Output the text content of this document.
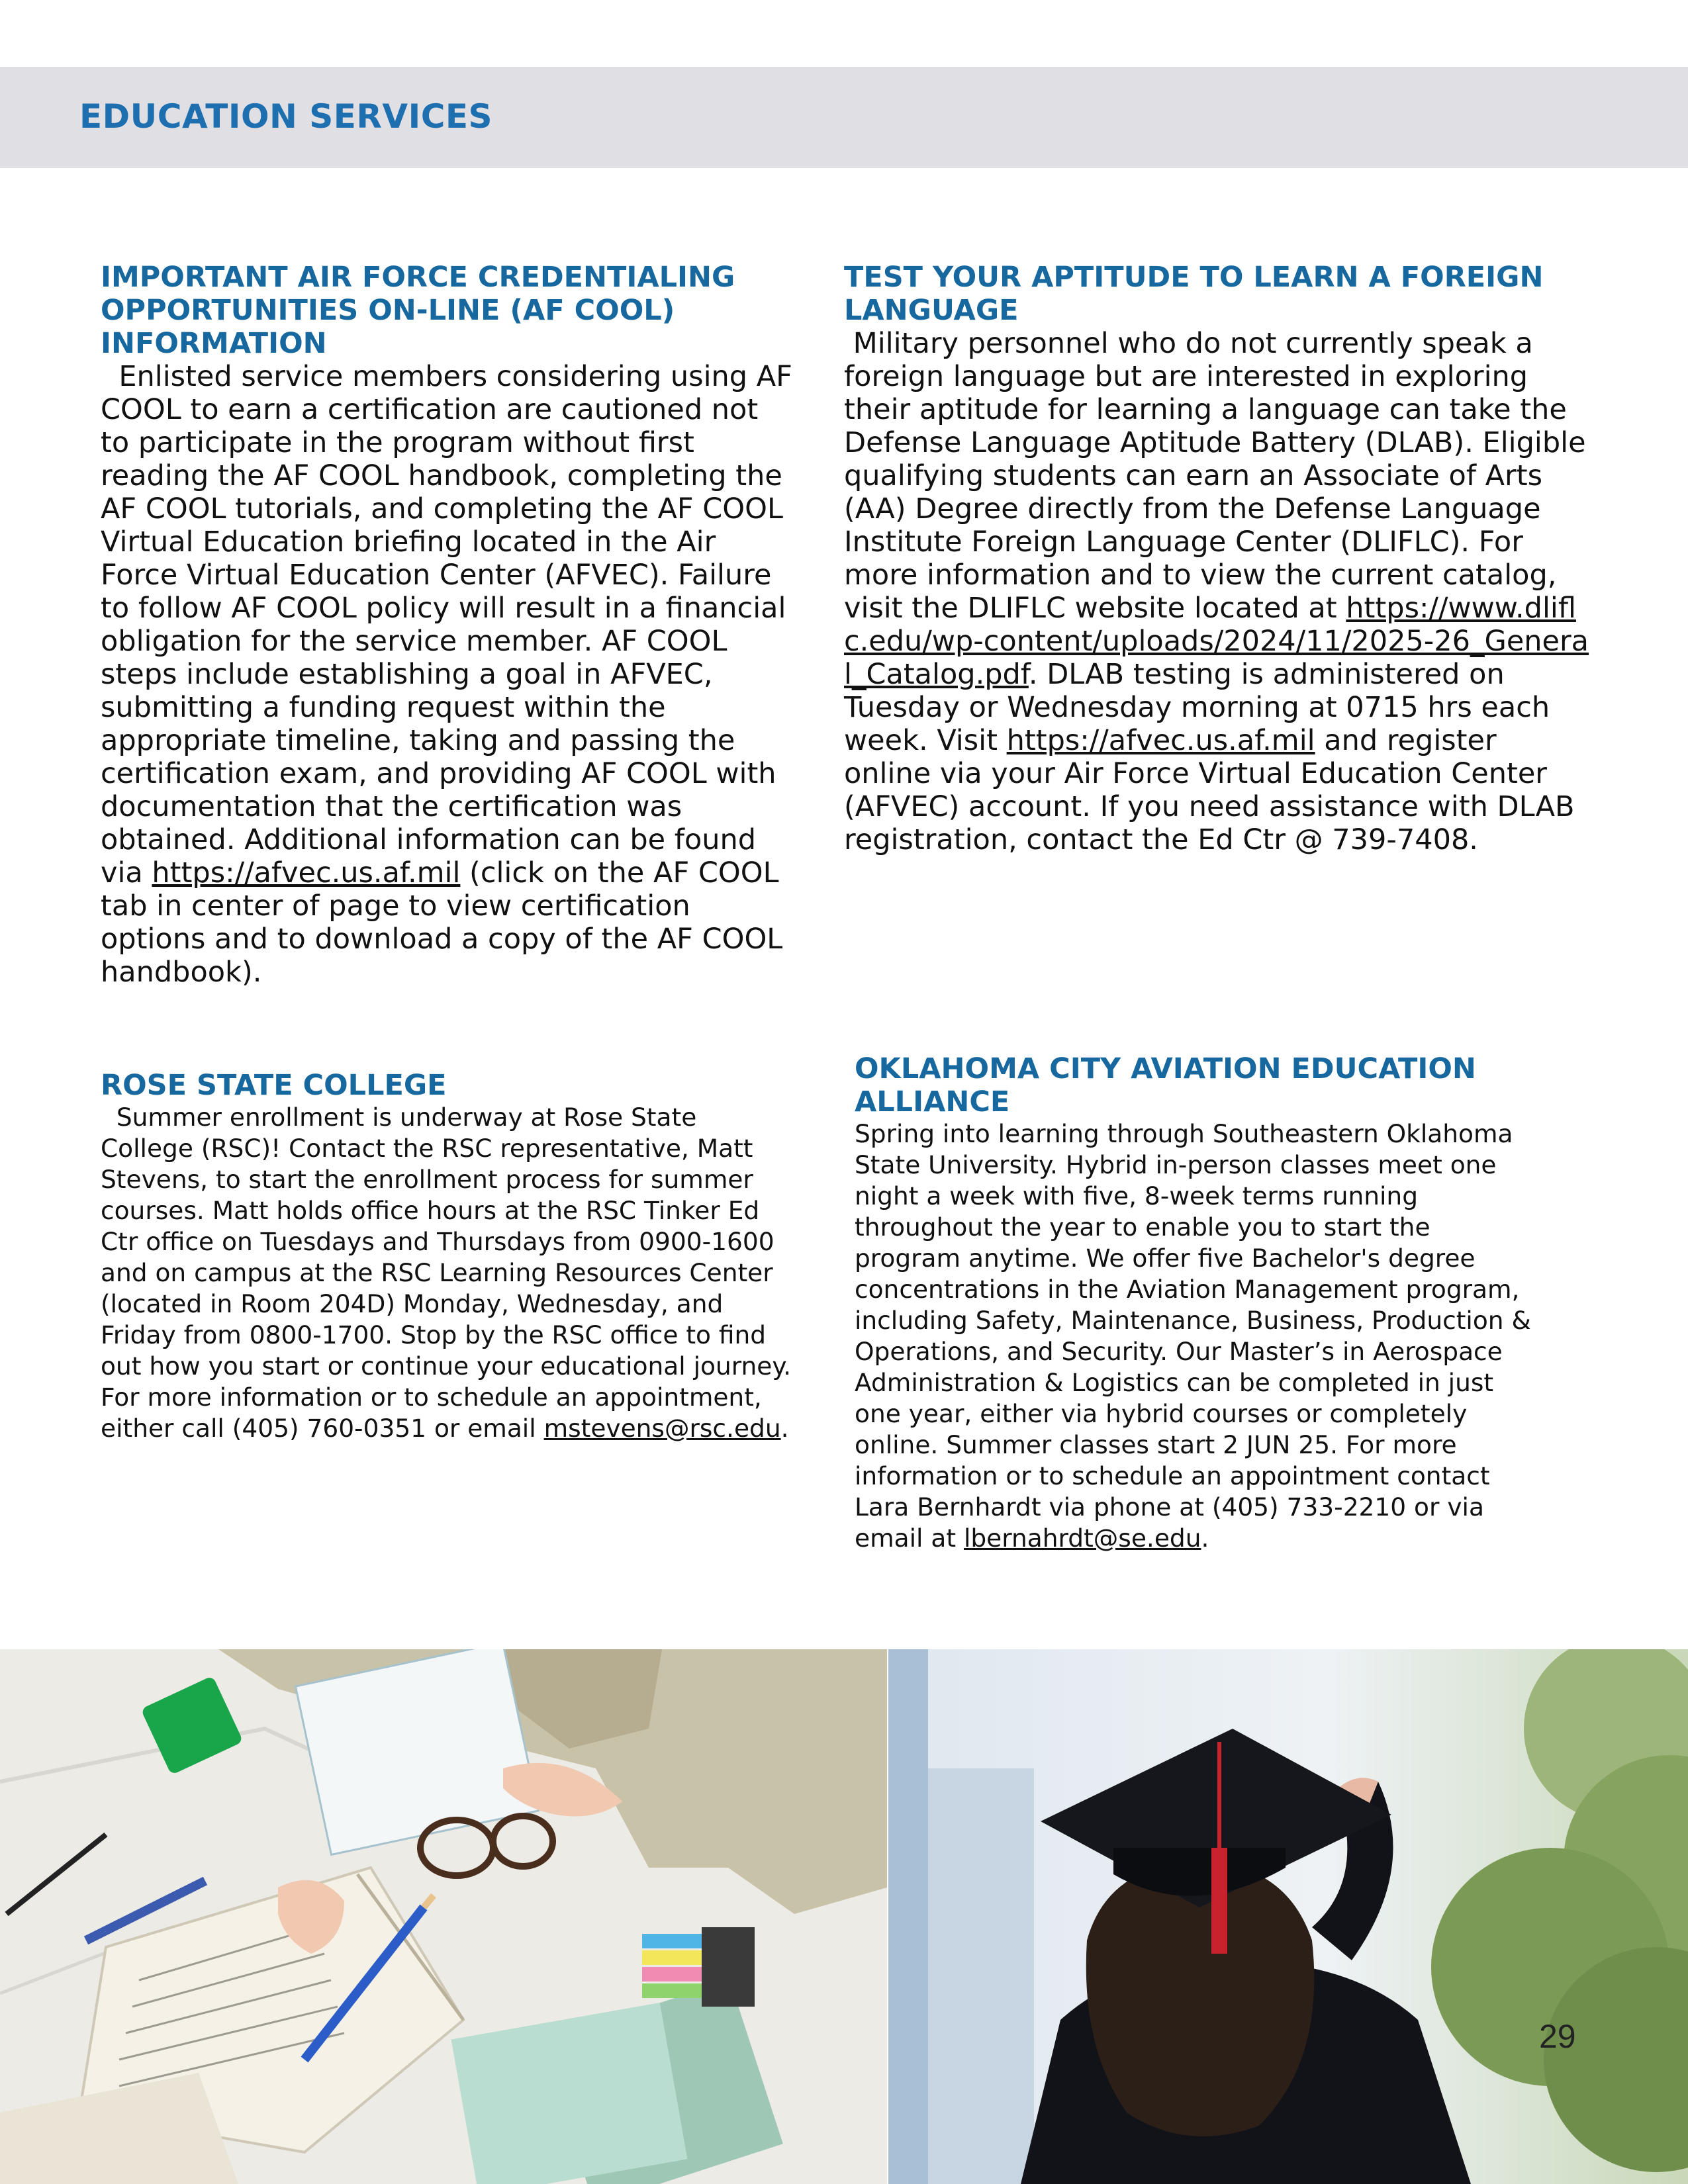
EDUCATION SERVICES
IMPORTANT AIR FORCE CREDENTIALING OPPORTUNITIES ON-LINE (AF COOL) INFORMATION

Enlisted service members considering using AF COOL to earn a certification are cautioned not to participate in the program without first reading the AF COOL handbook, completing the AF COOL tutorials, and completing the AF COOL Virtual Education briefing located in the Air Force Virtual Education Center (AFVEC). Failure to follow AF COOL policy will result in a financial obligation for the service member. AF COOL steps include establishing a goal in AFVEC, submitting a funding request within the appropriate timeline, taking and passing the certification exam, and providing AF COOL with documentation that the certification was obtained. Additional information can be found via https://afvec.us.af.mil (click on the AF COOL tab in center of page to view certification options and to download a copy of the AF COOL handbook).

TEST YOUR APTITUDE TO LEARN A FOREIGN LANGUAGE

Military personnel who do not currently speak a foreign language but are interested in exploring their aptitude for learning a language can take the Defense Language Aptitude Battery (DLAB). Eligible qualifying students can earn an Associate of Arts (AA) Degree directly from the Defense Language Institute Foreign Language Center (DLIFLC). For more information and to view the current catalog, visit the DLIFLC website located at https://www.dliflc.edu/wp-content/uploads/2024/11/2025-26_General_Catalog.pdf. DLAB testing is administered on Tuesday or Wednesday morning at 0715 hrs each week. Visit https://afvec.us.af.mil and register online via your Air Force Virtual Education Center (AFVEC) account. If you need assistance with DLAB registration, contact the Ed Ctr @ 739-7408.

ROSE STATE COLLEGE

Summer enrollment is underway at Rose State College (RSC)! Contact the RSC representative, Matt Stevens, to start the enrollment process for summer courses. Matt holds office hours at the RSC Tinker Ed Ctr office on Tuesdays and Thursdays from 0900-1600 and on campus at the RSC Learning Resources Center (located in Room 204D) Monday, Wednesday, and Friday from 0800-1700. Stop by the RSC office to find out how you start or continue your educational journey. For more information or to schedule an appointment, either call (405) 760-0351 or email mstevens@rsc.edu.

OKLAHOMA CITY AVIATION EDUCATION ALLIANCE

Spring into learning through Southeastern Oklahoma State University. Hybrid in-person classes meet one night a week with five, 8-week terms running throughout the year to enable you to start the program anytime. We offer five Bachelor's degree concentrations in the Aviation Management program, including Safety, Maintenance, Business, Production & Operations, and Security. Our Master’s in Aerospace Administration & Logistics can be completed in just one year, either via hybrid courses or completely online. Summer classes start 2 JUN 25. For more information or to schedule an appointment contact Lara Bernhardt via phone at (405) 733-2210 or via email at lbernahrdt@se.edu.

29
